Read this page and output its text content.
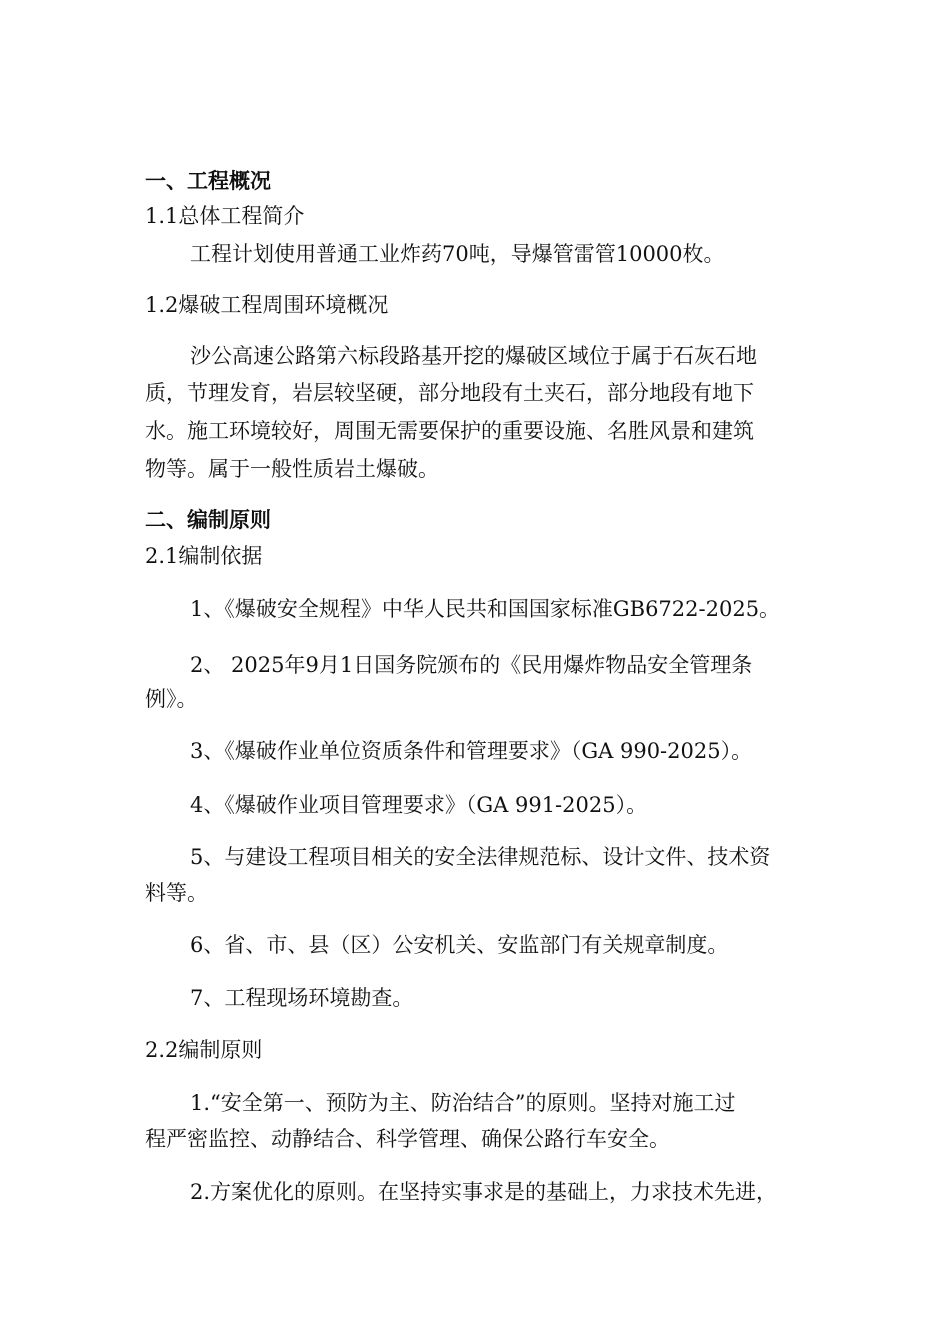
一、工程概况
1.1总体工程简介
工程计划使用普通工业炸药70吨，导爆管雷管10000枚。
1.2爆破工程周围环境概况
沙公高速公路第六标段路基开挖的爆破区域位于属于石灰石地
质，节理发育，岩层较坚硬，部分地段有土夹石，部分地段有地下
水。施工环境较好，周围无需要保护的重要设施、名胜风景和建筑
物等。属于一般性质岩土爆破。
二、编制原则
2.1编制依据
1、《爆破安全规程》中华人民共和国国家标准GB6722-2025。
2、 2025年9月1日国务院颁布的《民用爆炸物品安全管理条
例》。
3、《爆破作业单位资质条件和管理要求》（GA 990-2025）。
4、《爆破作业项目管理要求》（GA 991-2025）。
5、与建设工程项目相关的安全法律规范标、设计文件、技术资
料等。
6、省、市、县（区）公安机关、安监部门有关规章制度。
7、工程现场环境勘查。
2.2编制原则
1.“安全第一、预防为主、防治结合”的原则。坚持对施工过
程严密监控、动静结合、科学管理、确保公路行车安全。
2.方案优化的原则。在坚持实事求是的基础上，力求技术先进，
